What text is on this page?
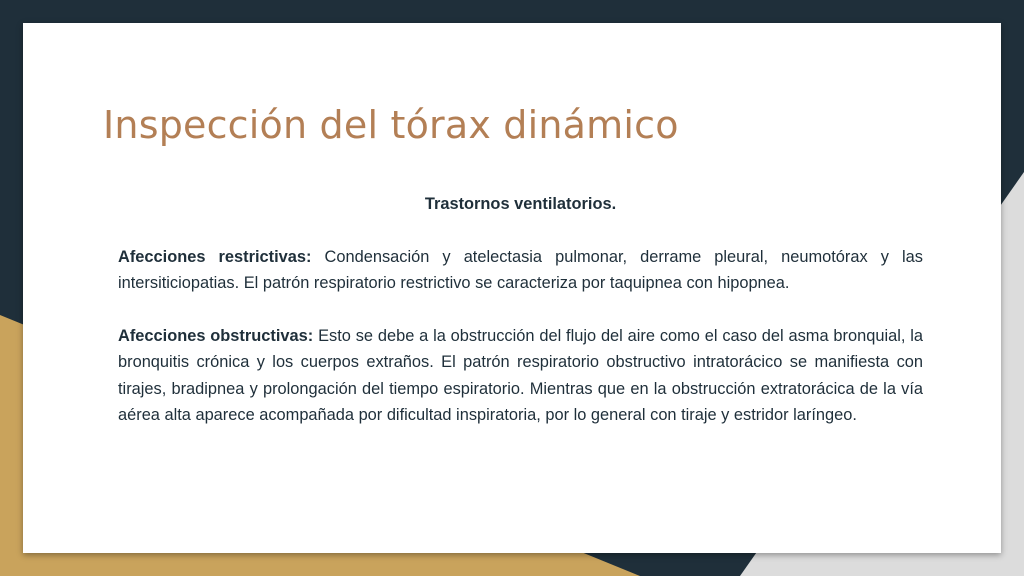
Inspección del tórax dinámico

Trastornos ventilatorios.

Afecciones restrictivas: Condensación y atelectasia pulmonar, derrame pleural, neumotórax y las intersiticiopatias. El patrón respiratorio restrictivo se caracteriza por taquipnea con hipopnea.

Afecciones obstructivas: Esto se debe a la obstrucción del flujo del aire como el caso del asma bronquial, la bronquitis crónica y los cuerpos extraños. El patrón respiratorio obstructivo intratorácico se manifiesta con tirajes, bradipnea y prolongación del tiempo espiratorio. Mientras que en la obstrucción extratorácica de la vía aérea alta aparece acompañada por dificultad inspiratoria, por lo general con tiraje y estridor laríngeo.
